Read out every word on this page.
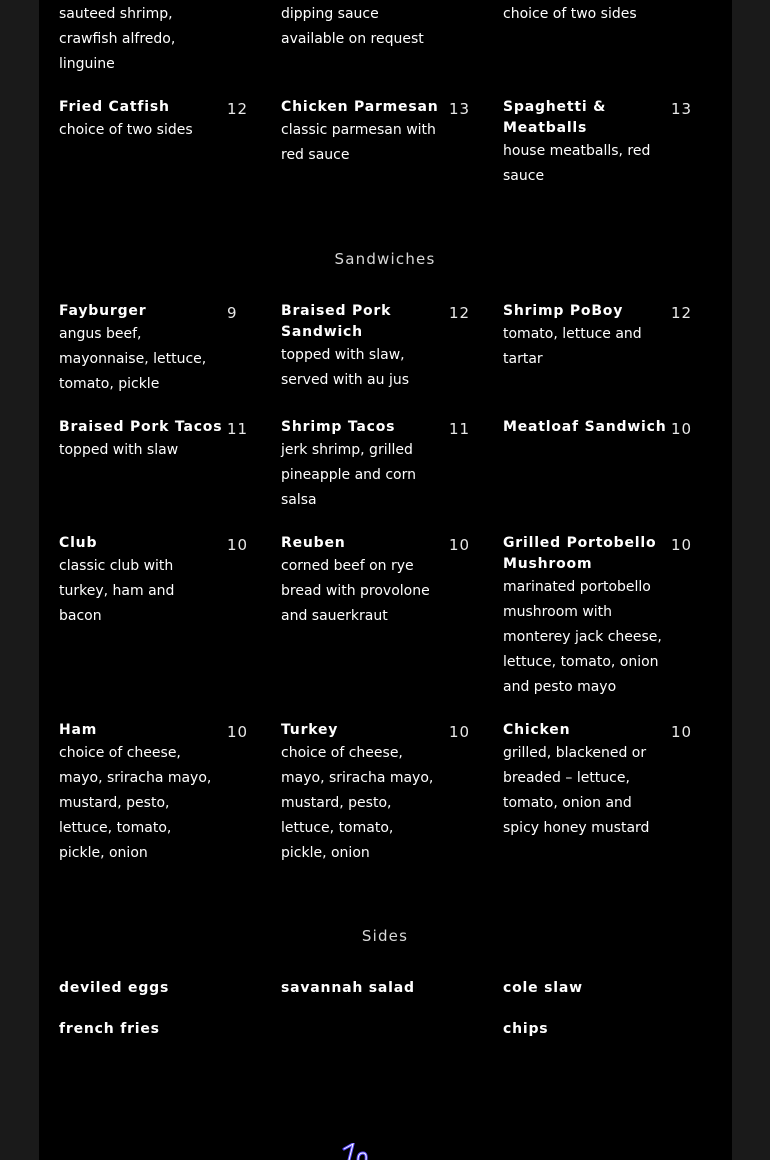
sauteed shrimp,
crawfish alfredo,
linguine
dipping sauce
available on request
choice of two sides
Fried Catfish	12
choice of two sides
Chicken Parmesan 13
classic parmesan with
red sauce
Spaghetti &
Meatballs
13
house meatballs, red
sauce
Sandwiches
Fayburger	9
angus beef,
mayonnaise, lettuce,
tomato, pickle
Braised Pork
Sandwich
12
topped with slaw,
served with au jus
Shrimp PoBoy	12
tomato, lettuce and
tartar
Braised Pork Tacos 11
topped with slaw
Shrimp Tacos	11
jerk shrimp, grilled
pineapple and corn
salsa
Meatloaf Sandwich 10
Club	10
classic club with
turkey, ham and
bacon
Reuben	10
corned beef on rye
bread with provolone
and sauerkraut
Grilled Portobello
Mushroom
10
marinated portobello
mushroom with
monterey jack cheese,
lettuce, tomato, onion
and pesto mayo
Ham	10
choice of cheese,
mayo, sriracha mayo,
mustard, pesto,
lettuce, tomato,
pickle, onion
Turkey	10
choice of cheese,
mayo, sriracha mayo,
mustard, pesto,
lettuce, tomato,
pickle, onion
Chicken	10
grilled, blackened or
breaded – lettuce,
tomato, onion and
spicy honey mustard
Sides
deviled eggs	savannah salad	cole slaw
french fries	chips
